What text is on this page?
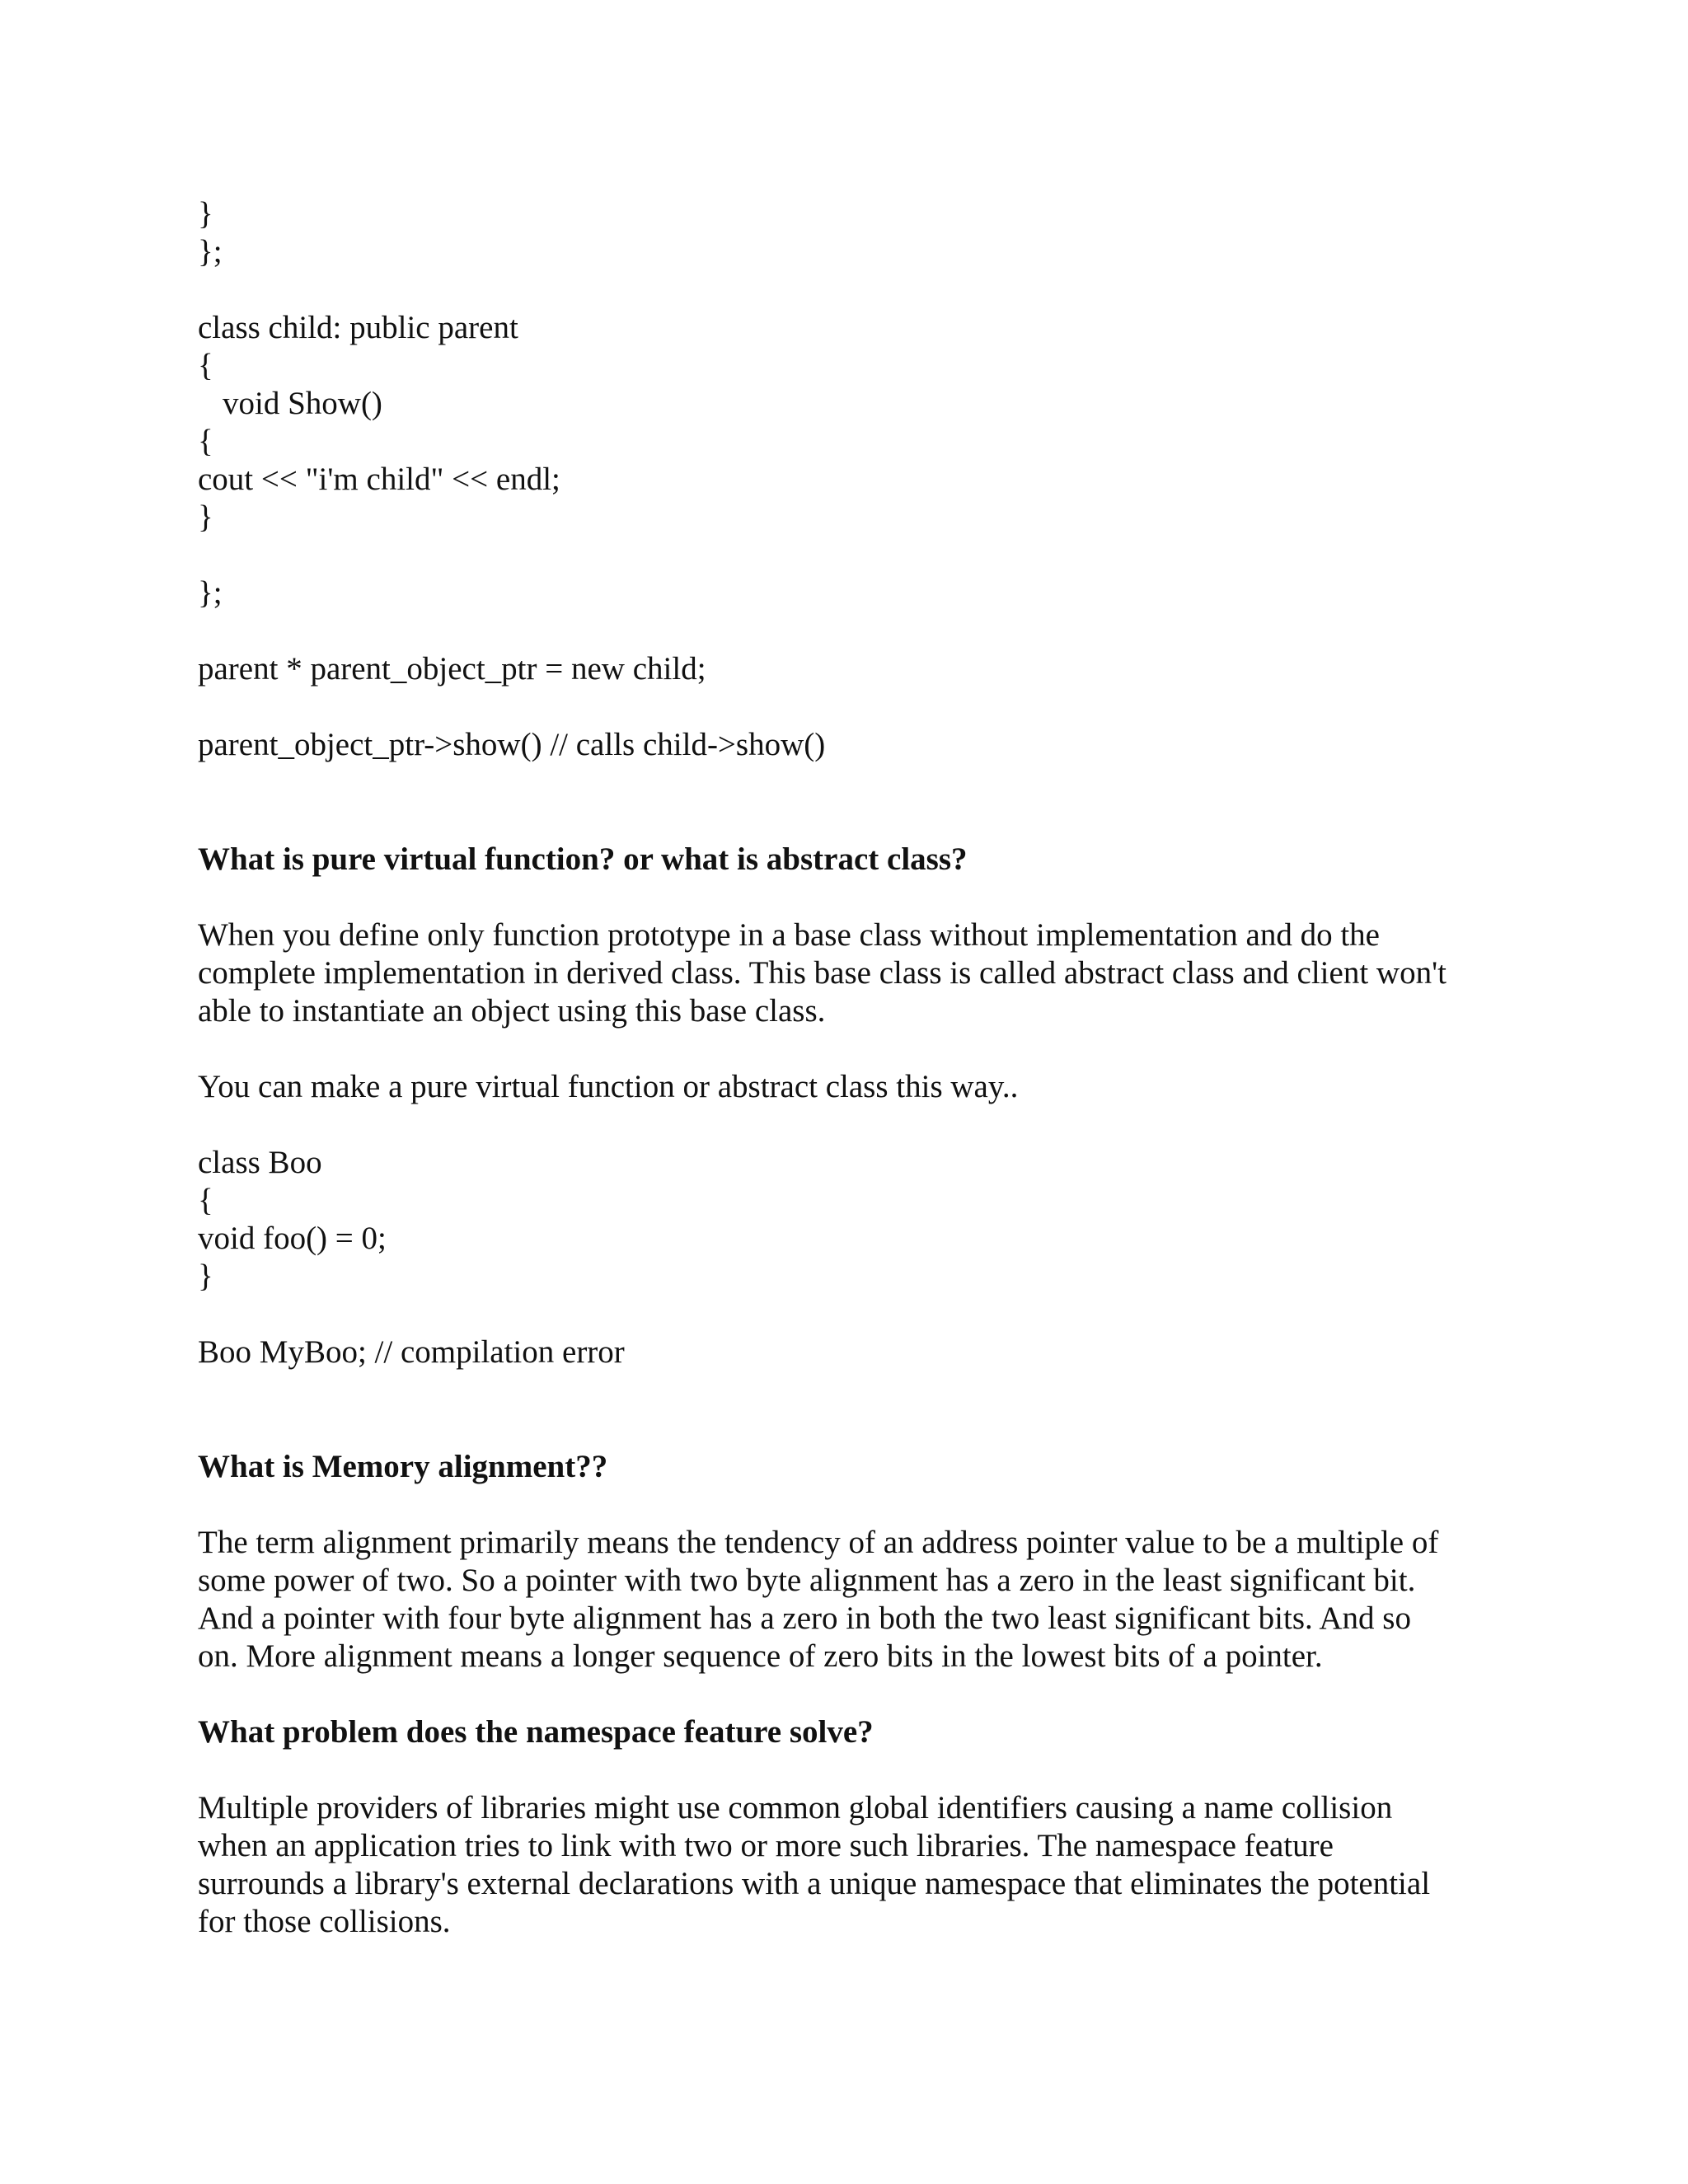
}
};
class child: public parent
{
void Show()
{
cout << "i'm child" << endl;
}
};
parent * parent_object_ptr = new child;
parent_object_ptr->show() // calls child->show()
What is pure virtual function? or what is abstract class?
When you define only function prototype in a base class without implementation and do the
complete implementation in derived class. This base class is called abstract class and client won't
able to instantiate an object using this base class.
You can make a pure virtual function or abstract class this way..
class Boo
{
void foo() = 0;
}
Boo MyBoo; // compilation error
What is Memory alignment??
The term alignment primarily means the tendency of an address pointer value to be a multiple of
some power of two. So a pointer with two byte alignment has a zero in the least significant bit.
And a pointer with four byte alignment has a zero in both the two least significant bits. And so
on. More alignment means a longer sequence of zero bits in the lowest bits of a pointer.
What problem does the namespace feature solve?
Multiple providers of libraries might use common global identifiers causing a name collision
when an application tries to link with two or more such libraries. The namespace feature
surrounds a library's external declarations with a unique namespace that eliminates the potential
for those collisions.
